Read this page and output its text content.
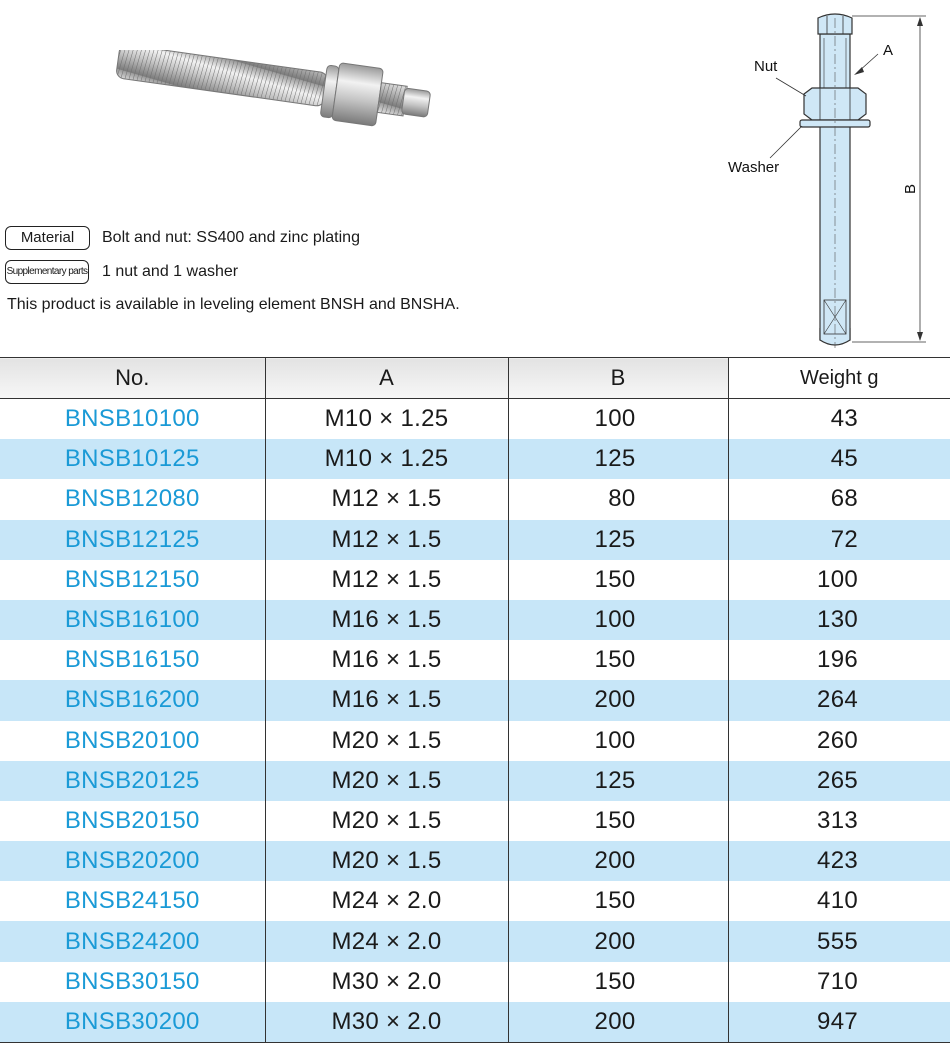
Material	Bolt and nut: SS400 and zinc plating
Supplementary parts 1 nut and 1 washer
This product is available in leveling element BNSH and BNSHA.
B
A
Nut
Washer
No.	A	B	Weight g
BNSB10100	M10 × 1.25	100	43
BNSB10125	M10 × 1.25	125	45
BNSB12080	M12 × 1.5	80	68
BNSB12125	M12 × 1.5	125	72
BNSB12150	M12 × 1.5	150	100
BNSB16100	M16 × 1.5	100	130
BNSB16150	M16 × 1.5	150	196
BNSB16200	M16 × 1.5	200	264
BNSB20100	M20 × 1.5	100	260
BNSB20125	M20 × 1.5	125	265
BNSB20150	M20 × 1.5	150	313
BNSB20200	M20 × 1.5	200	423
BNSB24150	M24 × 2.0	150	410
BNSB24200	M24 × 2.0	200	555
BNSB30150	M30 × 2.0	150	710
BNSB30200	M30 × 2.0	200	947
